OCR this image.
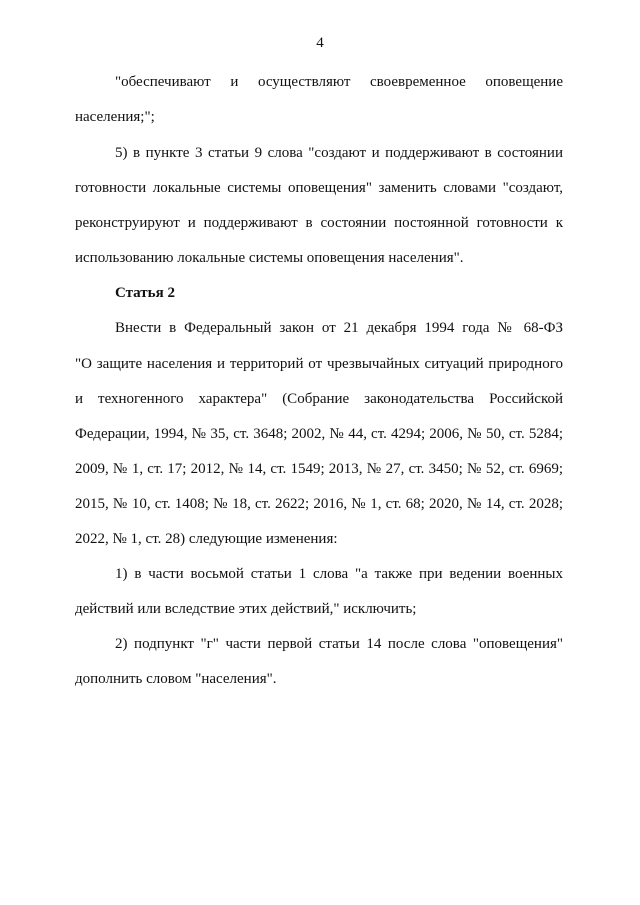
4
"обеспечивают и осуществляют своевременное оповещение
населения;";
5) в пункте 3 статьи 9 слова "создают и поддерживают в состоянии
готовности локальные системы оповещения" заменить словами "создают,
реконструируют и поддерживают в состоянии постоянной готовности к
использованию локальные системы оповещения населения".
Статья 2
Внести в Федеральный закон от 21 декабря 1994 года № 68-ФЗ
"О защите населения и территорий от чрезвычайных ситуаций природного
и техногенного характера" (Собрание законодательства Российской
Федерации, 1994, № 35, ст. 3648; 2002, № 44, ст. 4294; 2006, № 50, ст. 5284;
2009, № 1, ст. 17; 2012, № 14, ст. 1549; 2013, № 27, ст. 3450; № 52, ст. 6969;
2015, № 10, ст. 1408; № 18, ст. 2622; 2016, № 1, ст. 68; 2020, № 14, ст. 2028;
2022, № 1, ст. 28) следующие изменения:
1) в части восьмой статьи 1 слова "а также при ведении военных
действий или вследствие этих действий," исключить;
2) подпункт "г" части первой статьи 14 после слова "оповещения"
дополнить словом "населения".
